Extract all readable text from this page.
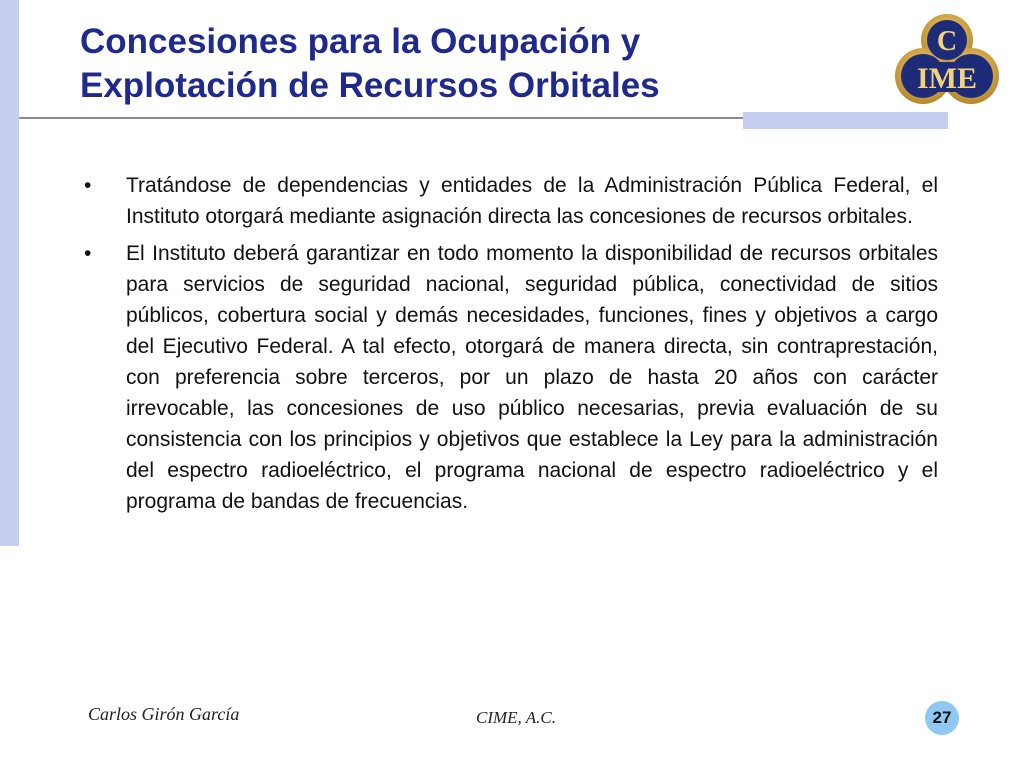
Concesiones para la Ocupación y
Explotación de Recursos Orbitales
C
IME
• Tratándose de dependencias y entidades de la Administración Pública Federal, el Instituto otorgará mediante asignación directa las concesiones de recursos orbitales.
• El Instituto deberá garantizar en todo momento la disponibilidad de recursos orbitales para servicios de seguridad nacional, seguridad pública, conectividad de sitios públicos, cobertura social y demás necesidades, funciones, fines y objetivos a cargo del Ejecutivo Federal. A tal efecto, otorgará de manera directa, sin contraprestación, con preferencia sobre terceros, por un plazo de hasta 20 años con carácter irrevocable, las concesiones de uso público necesarias, previa evaluación de su consistencia con los principios y objetivos que establece la Ley para la administración del espectro radioeléctrico, el programa nacional de espectro radioeléctrico y el programa de bandas de frecuencias.
Carlos Girón García	CIME, A.C.	27
